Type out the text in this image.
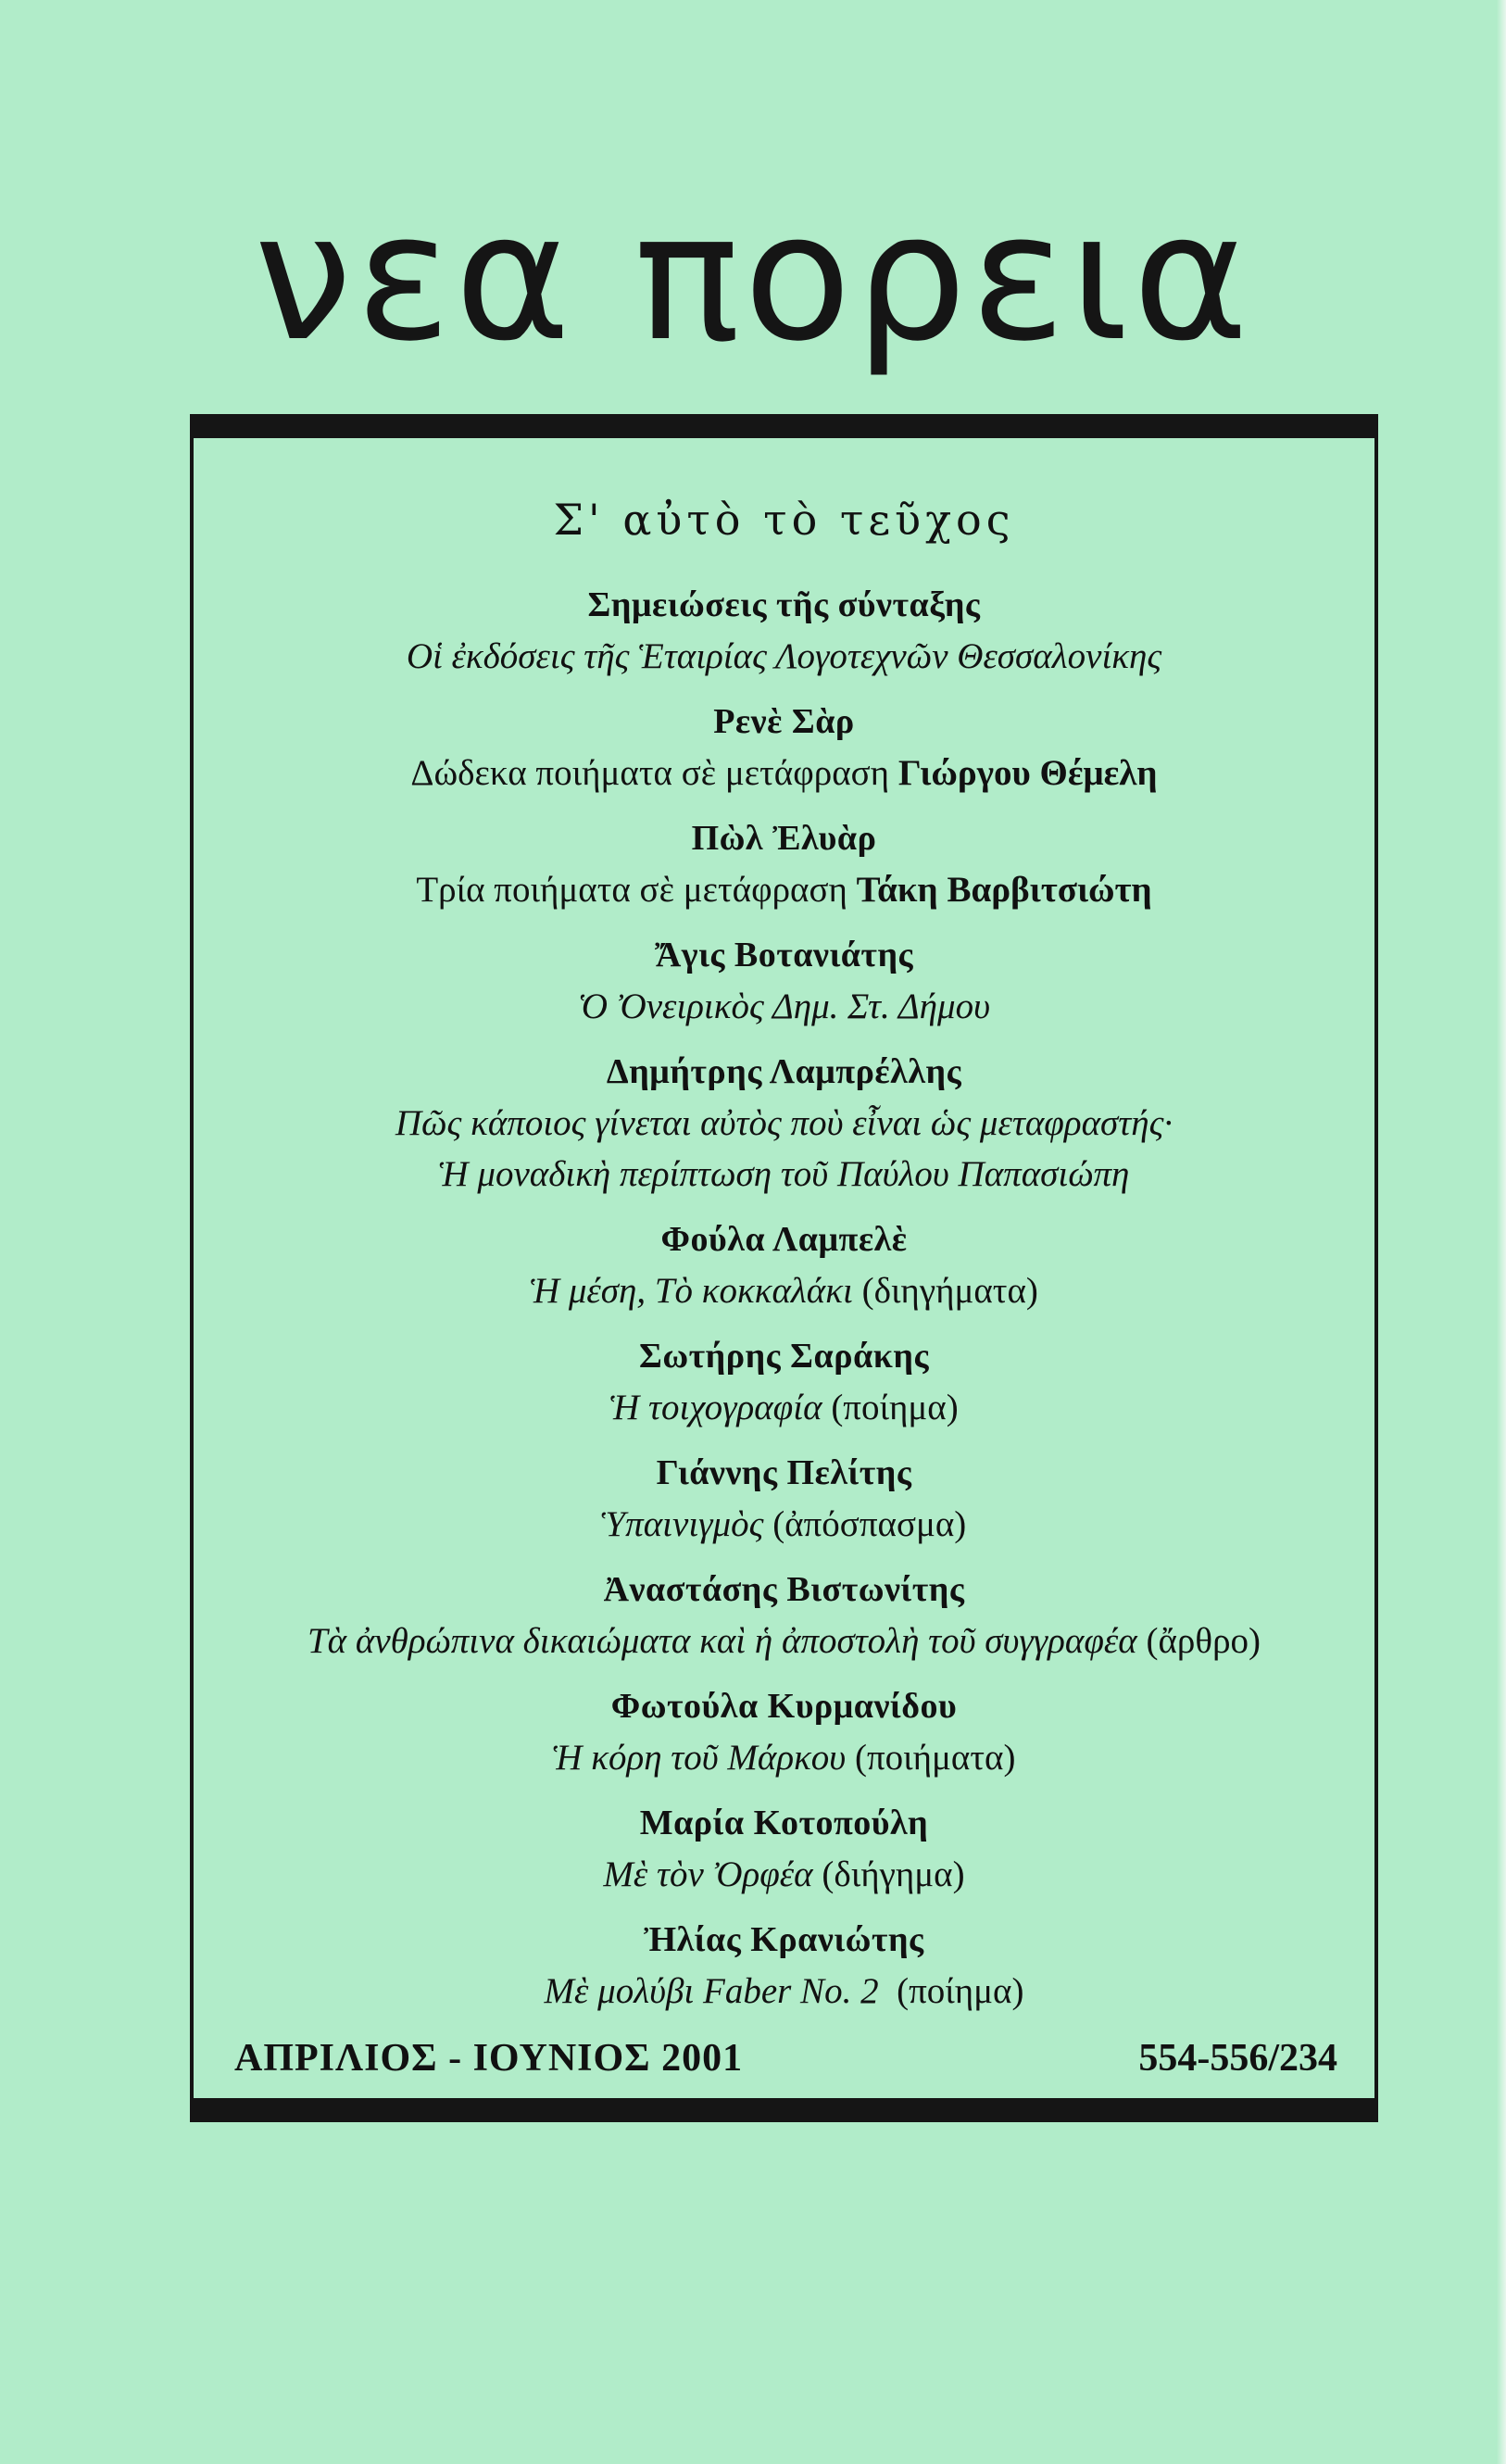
νεα πορεια
Σ' αὐτὸ τὸ τεῦχος
Σημειώσεις τῆς σύνταξης
Οἱ ἐκδόσεις τῆς Ἑταιρίας Λογοτεχνῶν Θεσσαλονίκης
Ρενὲ Σὰρ
Δώδεκα ποιήματα σὲ μετάφραση Γιώργου Θέμελη
Πὼλ Ἐλυὰρ
Τρία ποιήματα σὲ μετάφραση Τάκη Βαρβιτσιώτη
Ἄγις Βοτανιάτης
Ὁ Ὀνειρικὸς Δημ. Στ. Δήμου
Δημήτρης Λαμπρέλλης
Πῶς κάποιος γίνεται αὐτὸς ποὺ εἶναι ὡς μεταφραστής·
Ἡ μοναδικὴ περίπτωση τοῦ Παύλου Παπασιώπη
Φούλα Λαμπελὲ
Ἡ μέση, Τὸ κοκκαλάκι (διηγήματα)
Σωτήρης Σαράκης
Ἡ τοιχογραφία (ποίημα)
Γιάννης Πελίτης
Ὑπαινιγμὸς (ἀπόσπασμα)
Ἀναστάσης Βιστωνίτης
Τὰ ἀνθρώπινα δικαιώματα καὶ ἡ ἀποστολὴ τοῦ συγγραφέα (ἄρθρο)
Φωτούλα Κυρμανίδου
Ἡ κόρη τοῦ Μάρκου (ποιήματα)
Μαρία Κοτοπούλη
Μὲ τὸν Ὀρφέα (διήγημα)
Ἠλίας Κρανιώτης
Μὲ μολύβι Faber No. 2  (ποίημα)
ΑΠΡΙΛΙΟΣ - ΙΟΥΝΙΟΣ 2001	554-556/234
